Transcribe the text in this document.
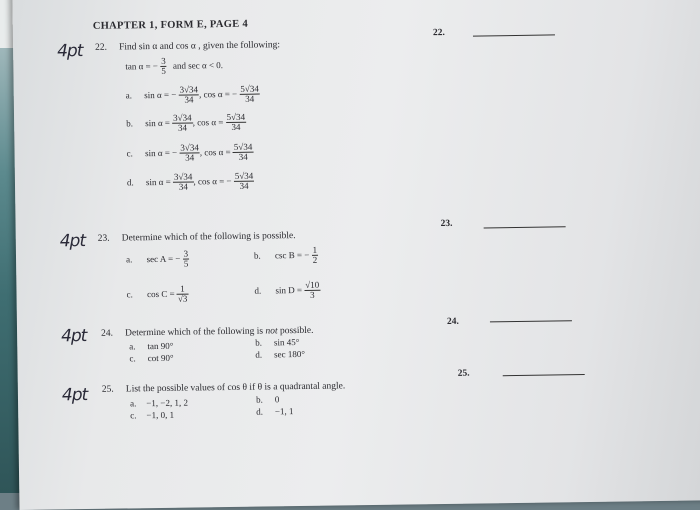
CHAPTER 1, FORM E, PAGE 4
4pt 22. Find sin α and cos α , given the following:
tan α = − $\frac{3}{5}$ and sec α < 0.
a. sin α = − $\frac{3√34}{34}$ , cos α = − $\frac{5√34}{34}$
b. $\sin \alpha = \frac{3√34}{34}$ , $\cos \alpha = \frac{5√34}{34}$
c. sin α = − $\frac{3√34}{34}$ , $\cos \alpha = \frac{5√34}{34}$
d. $\sin \alpha = \frac{3√34}{34}$ , cos α = − $\frac{5√34}{34}$
22.
4pt 23. Determine which of the following is possible.
a. sec A = − $\frac{3}{5}$	b. csc B = − $\frac{1}{2}$
c. $\cos C = \frac{1}{√3}$	d. $\sin D = \frac{√10}{3}$
23.
4pt 24. Determine which of the following is not possible.
a. tan 90°	b. sin 45°
c. cot 90°	d. sec 180°
24.
4pt 25. List the possible values of cos θ if θ is a quadrantal angle.
a. −1, −2, 1, 2	b. 0
c. −1, 0, 1	d. −1, 1
25.
